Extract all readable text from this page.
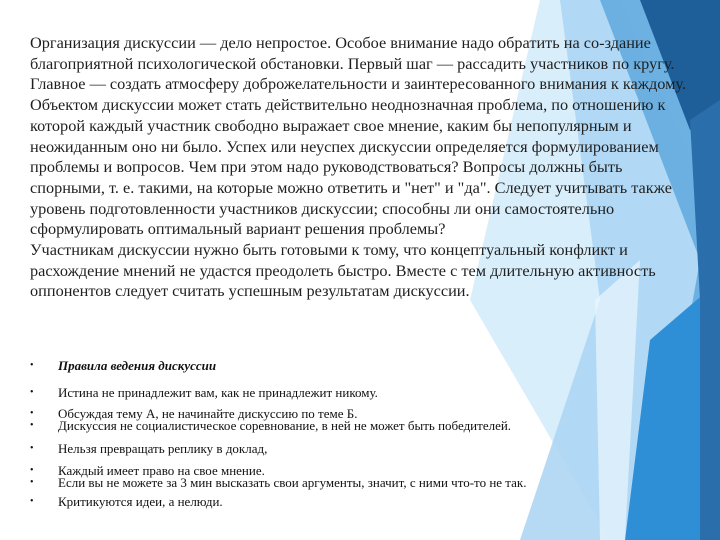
Организация дискуссии — дело непростое. Особое внимание надо обратить на со-здание благоприятной психологической обстановки. Первый шаг — рассадить участников по кругу. Главное — создать атмосферу доброжелательности и заинтересованного внимания к каждому. Объектом дискуссии может стать действительно неоднозначная проблема, по отношению к которой каждый участник свободно выражает свое мнение, каким бы непопулярным и неожиданным оно ни было. Успех или неуспех дискуссии определяется формулированием проблемы и вопросов. Чем при этом надо руководствоваться? Вопросы должны быть спорными, т. е. такими, на которые можно ответить и "нет" и "да". Следует учитывать также уровень подготовленности участников дискуссии; способны ли они самостоятельно сформулировать оптимальный вариант решения проблемы?

Участникам дискуссии нужно быть готовыми к тому, что концептуальный конфликт и расхождение мнений не удастся преодолеть быстро. Вместе с тем длительную активность оппонентов следует считать успешным результатам дискуссии.

• Правила ведения дискуссии
• Истина не принадлежит вам, как не принадлежит никому.
• Обсуждая тему А, не начинайте дискуссию по теме Б.
• Дискуссия не социалистическое соревнование, в ней не может быть победителей.
• Нельзя превращать реплику в доклад,
• Каждый имеет право на свое мнение.
• Если вы не можете за 3 мин высказать свои аргументы, значит, с ними что-то не так.
• Критикуются идеи, а нелюди.
